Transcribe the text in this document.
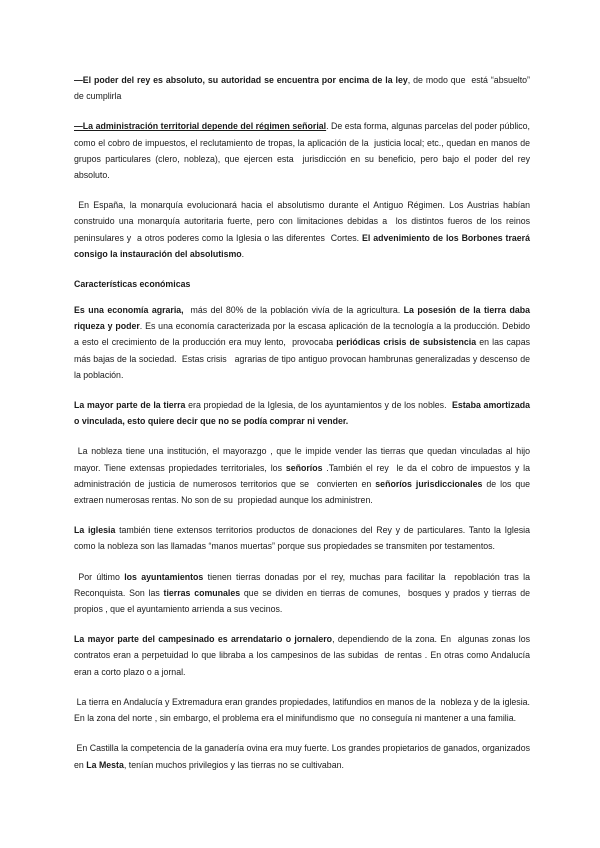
—El poder del rey es absoluto, su autoridad se encuentra por encima de la ley, de modo que  está “absuelto” de cumplirla
—La administración territorial depende del régimen señorial. De esta forma, algunas parcelas del poder público, como el cobro de impuestos, el reclutamiento de tropas, la aplicación de la  justicia local; etc., quedan en manos de grupos particulares (clero, nobleza), que ejercen esta  jurisdicción en su beneficio, pero bajo el poder del rey absoluto.
En España, la monarquía evolucionará hacia el absolutismo durante el Antiguo Régimen. Los Austrias habían construido una monarquía autoritaria fuerte, pero con limitaciones debidas a  los distintos fueros de los reinos peninsulares y  a otros poderes como la Iglesia o las diferentes  Cortes. El advenimiento de los Borbones traerá consigo la instauración del absolutismo.
Características económicas
Es una economía agraria,  más del 80% de la población vivía de la agricultura. La posesión de la tierra daba riqueza y poder. Es una economía caracterizada por la escasa aplicación de la tecnología a la producción. Debido a esto el crecimiento de la producción era muy lento,  provocaba periódicas crisis de subsistencia en las capas más bajas de la sociedad.  Estas crisis   agrarias de tipo antiguo provocan hambrunas generalizadas y descenso de la población.
La mayor parte de la tierra era propiedad de la Iglesia, de los ayuntamientos y de los nobles.  Estaba amortizada o vinculada, esto quiere decir que no se podía comprar ni vender.
La nobleza tiene una institución, el mayorazgo , que le impide vender las tierras que quedan vinculadas al hijo mayor. Tiene extensas propiedades territoriales, los señoríos .También el rey  le da el cobro de impuestos y la administración de justicia de numerosos territorios que se  convierten en señoríos jurisdiccionales de los que extraen numerosas rentas. No son de su  propiedad aunque los administren.
La iglesia también tiene extensos territorios productos de donaciones del Rey y de particulares. Tanto la Iglesia como la nobleza son las llamadas “manos muertas” porque sus propiedades se transmiten por testamentos.
Por último los ayuntamientos tienen tierras donadas por el rey, muchas para facilitar la  repoblación tras la Reconquista. Son las tierras comunales que se dividen en tierras de comunes,  bosques y prados y tierras de propios , que el ayuntamiento arrienda a sus vecinos.
La mayor parte del campesinado es arrendatario o jornalero, dependiendo de la zona. En  algunas zonas los contratos eran a perpetuidad lo que libraba a los campesinos de las subidas  de rentas . En otras como Andalucía eran a corto plazo o a jornal.
La tierra en Andalucía y Extremadura eran grandes propiedades, latifundios en manos de la  nobleza y de la iglesia. En la zona del norte , sin embargo, el problema era el minifundismo que  no conseguía ni mantener a una familia.
En Castilla la competencia de la ganadería ovina era muy fuerte. Los grandes propietarios de ganados, organizados en La Mesta, tenían muchos privilegios y las tierras no se cultivaban.
